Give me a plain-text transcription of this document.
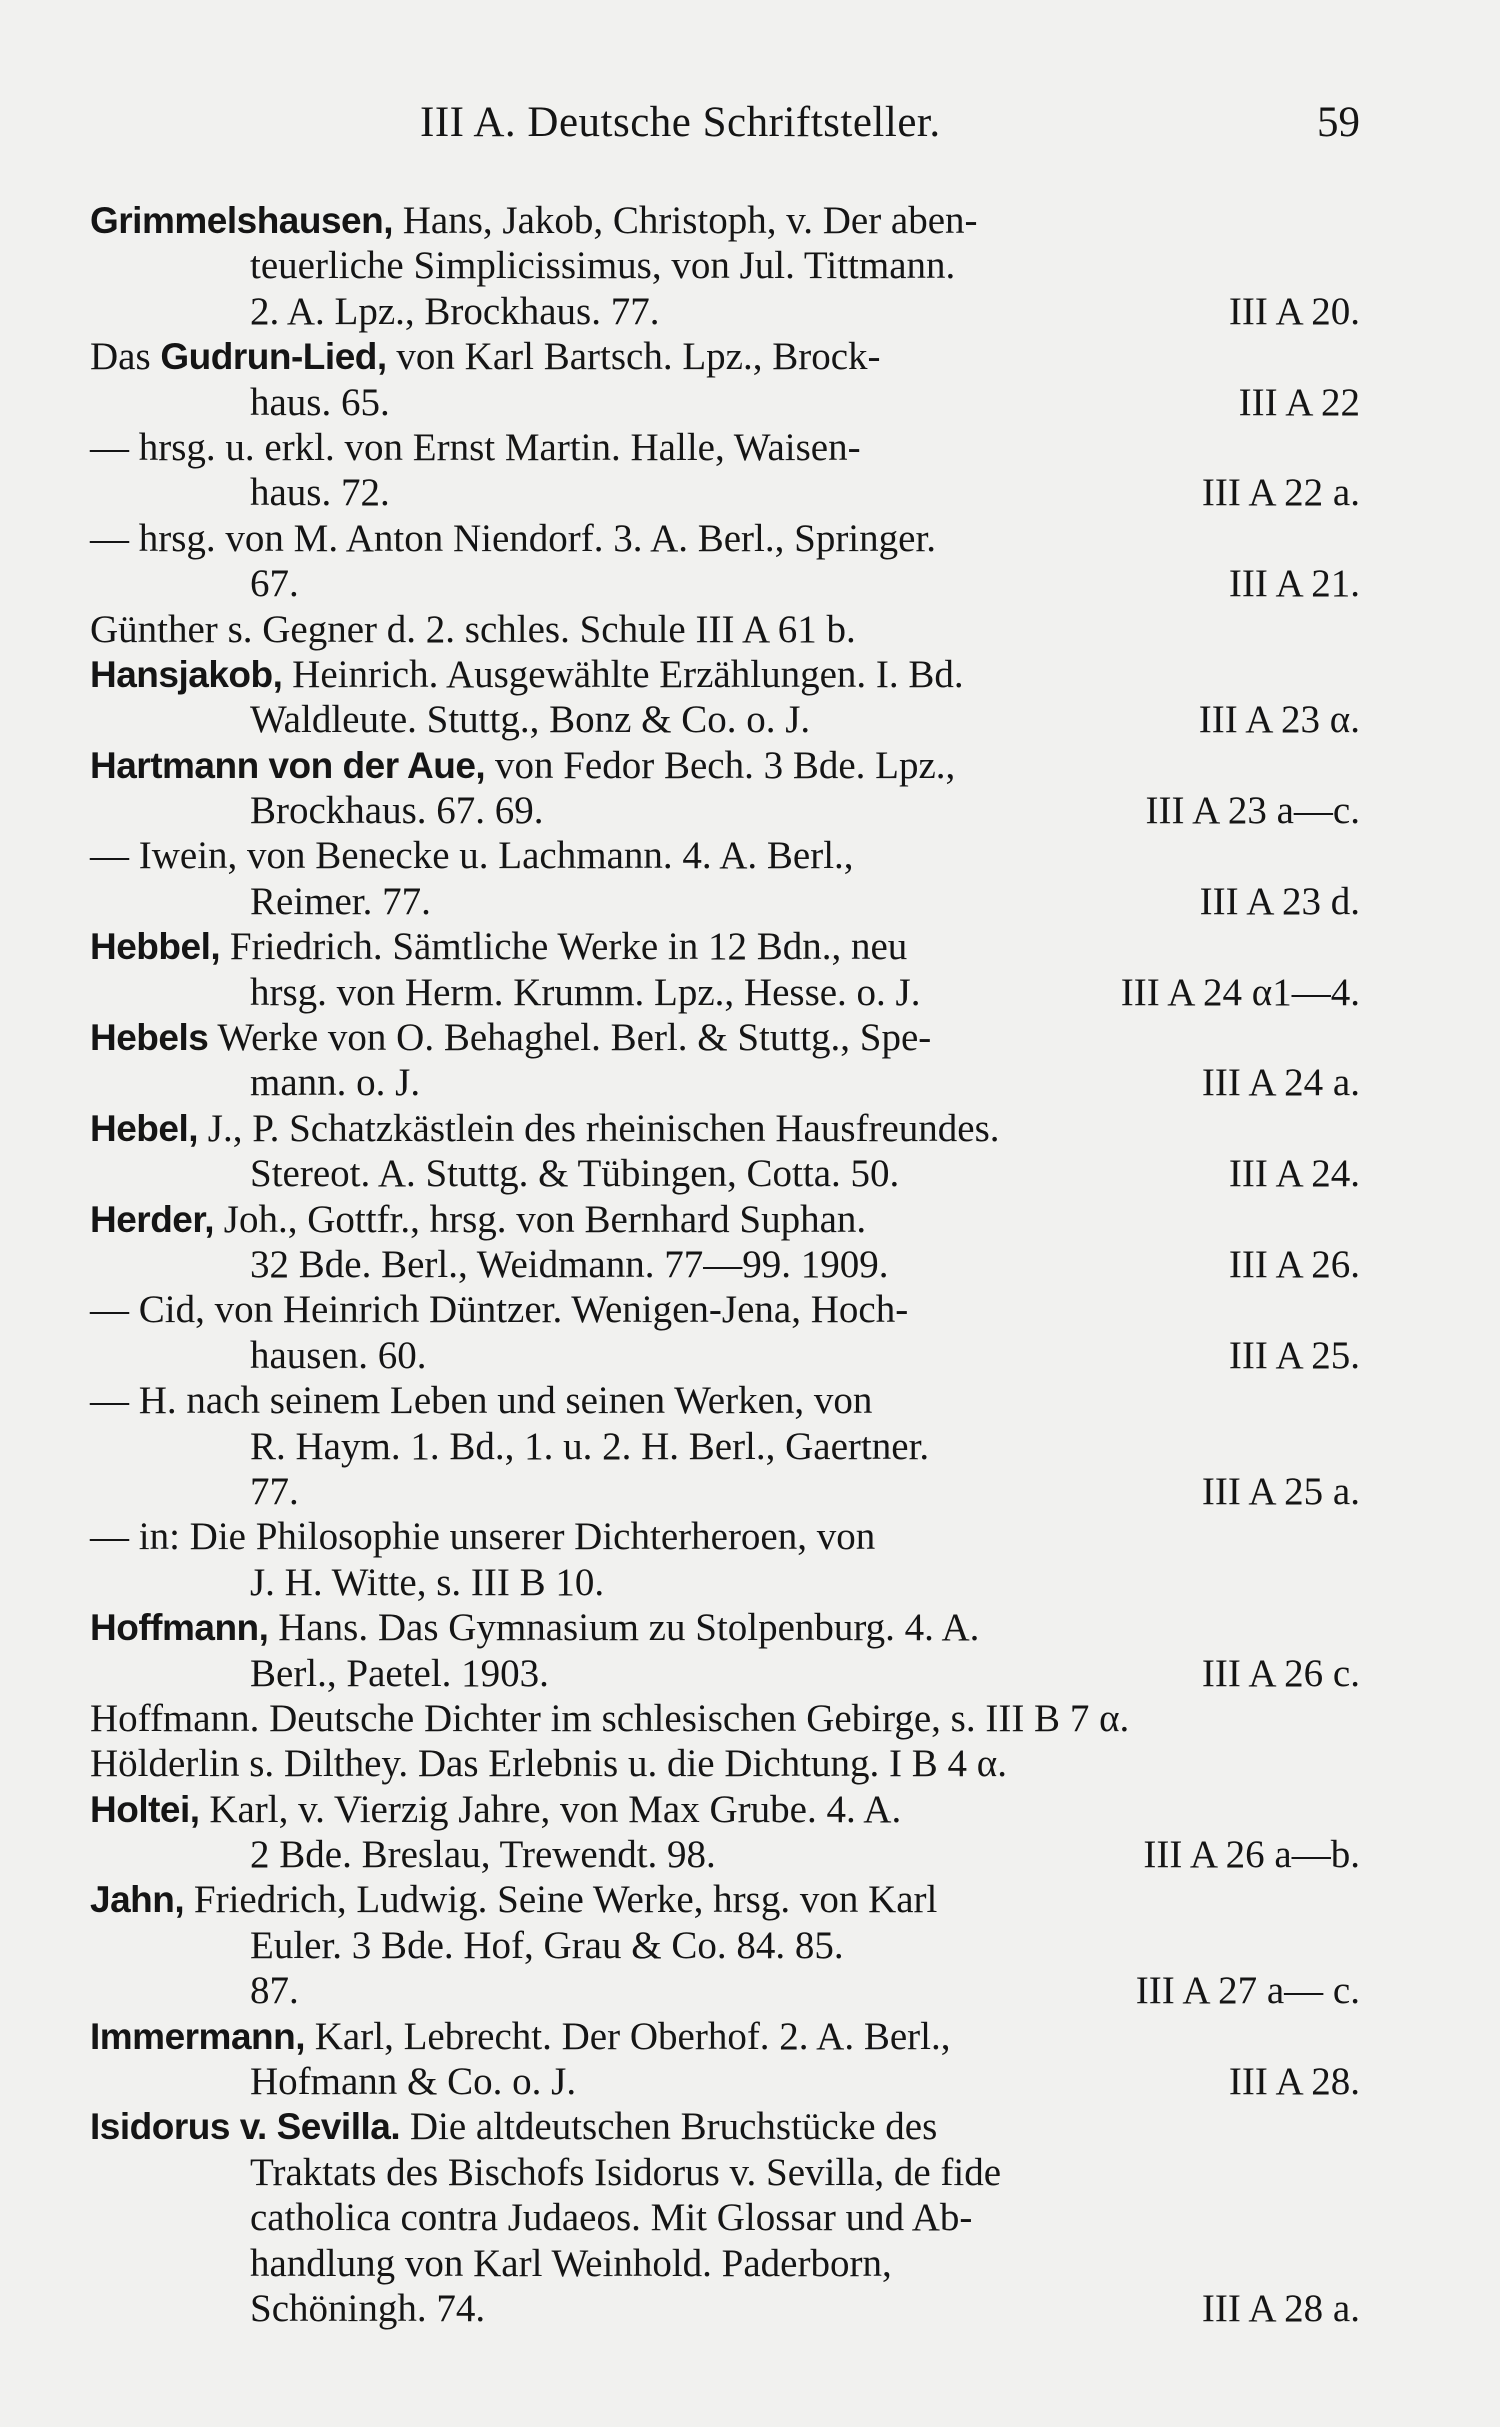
III A. Deutsche Schriftsteller.	59
Grimmelshausen, Hans, Jakob, Christoph, v. Der aben-
teuerliche Simplicissimus, von Jul. Tittmann.
2. A. Lpz., Brockhaus. 77.	III A 20.
Das Gudrun-Lied, von Karl Bartsch. Lpz., Brock-
haus. 65.	III A 22
— hrsg. u. erkl. von Ernst Martin. Halle, Waisen-
haus. 72.	III A 22 a.
— hrsg. von M. Anton Niendorf. 3. A. Berl., Springer.
67.	III A 21.
Günther s. Gegner d. 2. schles. Schule III A 61 b.
Hansjakob, Heinrich. Ausgewählte Erzählungen. I. Bd.
Waldleute. Stuttg., Bonz & Co. o. J.	III A 23 α.
Hartmann von der Aue, von Fedor Bech. 3 Bde. Lpz.,
Brockhaus. 67. 69.	III A 23 a—c.
— Iwein, von Benecke u. Lachmann. 4. A. Berl.,
Reimer. 77.	III A 23 d.
Hebbel, Friedrich. Sämtliche Werke in 12 Bdn., neu
hrsg. von Herm. Krumm. Lpz., Hesse. o. J.	III A 24 α1—4.
Hebels Werke von O. Behaghel. Berl. & Stuttg., Spe-
mann. o. J.	III A 24 a.
Hebel, J., P. Schatzkästlein des rheinischen Hausfreundes.
Stereot. A. Stuttg. & Tübingen, Cotta. 50.	III A 24.
Herder, Joh., Gottfr., hrsg. von Bernhard Suphan.
32 Bde. Berl., Weidmann. 77—99. 1909.	III A 26.
— Cid, von Heinrich Düntzer. Wenigen-Jena, Hoch-
hausen. 60.	III A 25.
— H. nach seinem Leben und seinen Werken, von
R. Haym. 1. Bd., 1. u. 2. H. Berl., Gaertner.
77.	III A 25 a.
— in: Die Philosophie unserer Dichterheroen, von
J. H. Witte, s. III B 10.
Hoffmann, Hans. Das Gymnasium zu Stolpenburg. 4. A.
Berl., Paetel. 1903.	III A 26 c.
Hoffmann. Deutsche Dichter im schlesischen Gebirge, s. III B 7 α.
Hölderlin s. Dilthey. Das Erlebnis u. die Dichtung. I B 4 α.
Holtei, Karl, v. Vierzig Jahre, von Max Grube. 4. A.
2 Bde. Breslau, Trewendt. 98.	III A 26 a—b.
Jahn, Friedrich, Ludwig. Seine Werke, hrsg. von Karl
Euler. 3 Bde. Hof, Grau & Co. 84. 85.
87.	III A 27 a— c.
Immermann, Karl, Lebrecht. Der Oberhof. 2. A. Berl.,
Hofmann & Co. o. J.	III A 28.
Isidorus v. Sevilla. Die altdeutschen Bruchstücke des
Traktats des Bischofs Isidorus v. Sevilla, de fide
catholica contra Judaeos. Mit Glossar und Ab-
handlung von Karl Weinhold. Paderborn,
Schöningh. 74.	III A 28 a.
